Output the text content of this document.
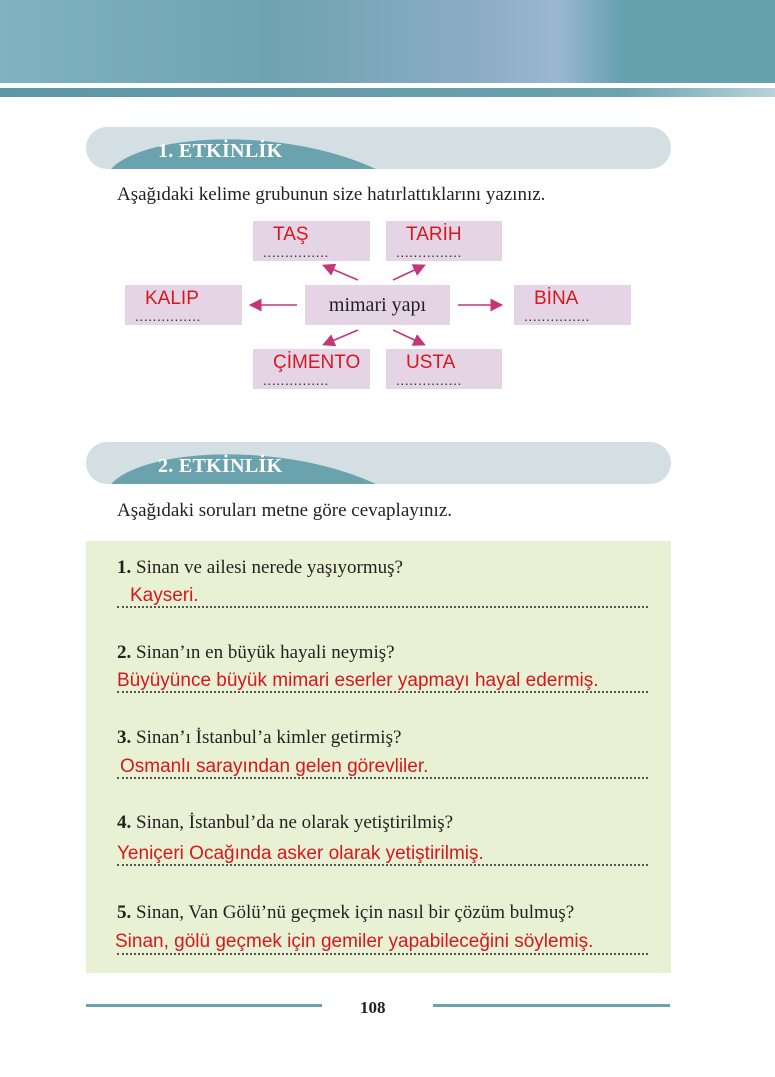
1. ETKİNLİK
Aşağıdaki kelime grubunun size hatırlattıklarını yazınız.
TAŞ
...............
TARİH
...............
KALIP
...............	mimari yapı	BİNA
...............
ÇİMENTO
...............
USTA
...............
2. ETKİNLİK
Aşağıdaki soruları metne göre cevaplayınız.
1. Sinan ve ailesi nerede yaşıyormuş?
Kayseri.
2. Sinan’ın en büyük hayali neymiş?
Büyüyünce büyük mimari eserler yapmayı hayal edermiş.
3. Sinan’ı İstanbul’a kimler getirmiş?
Osmanlı sarayından gelen görevliler.
4. Sinan, İstanbul’da ne olarak yetiştirilmiş?
Yeniçeri Ocağında asker olarak yetiştirilmiş.
5. Sinan, Van Gölü’nü geçmek için nasıl bir çözüm bulmuş?
Sinan, gölü geçmek için gemiler yapabileceğini söylemiş.
108
